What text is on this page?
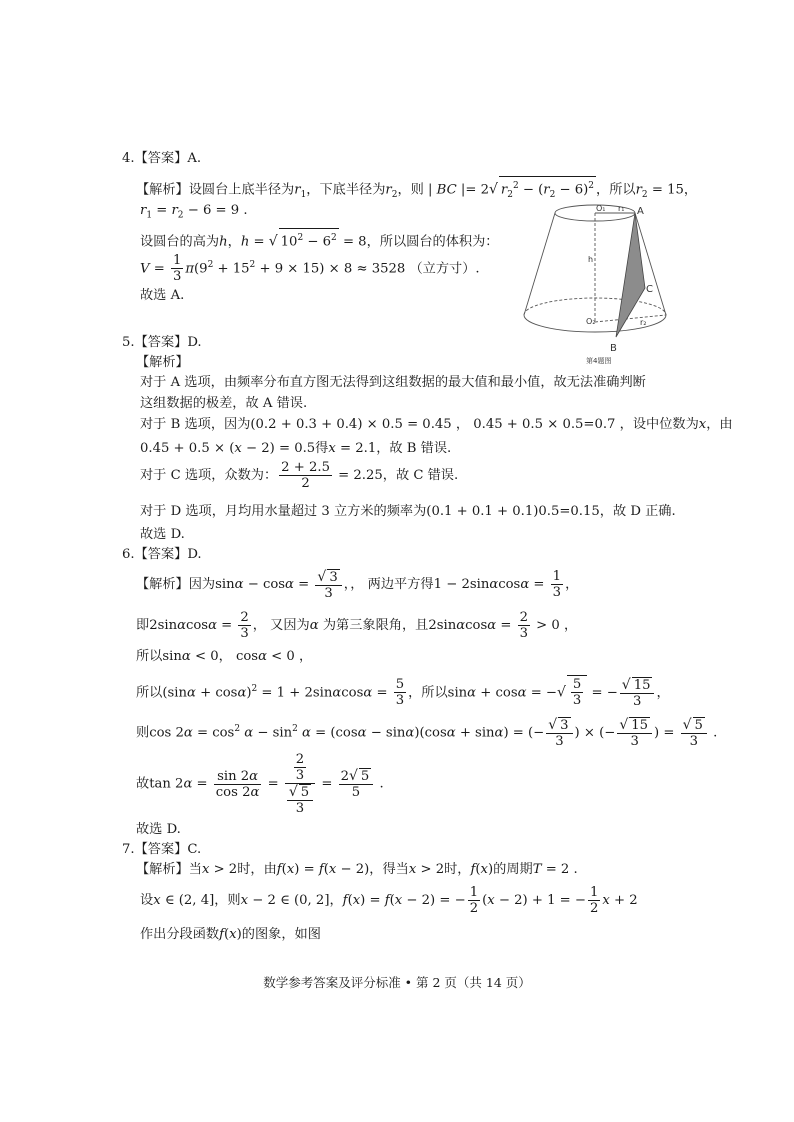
4.【答案】A.
【解析】设圆台上底半径为$r_1$，下底半径为$r_2$，则 | BC |= 2√ $r_2^2 - (r_2 - 6)^2$ ，所以$r_2 = 15$，
$r_1 = r_2 - 6 = 9$ .
设圆台的高为h，h = √ $10^2 - 6^2 = 8$，所以圆台的体积为：
$V = \frac{1}{3} \pi(9^2 + 15^2 + 9 \times 15) \times 8 \approx 3528$ （立方寸）.
故选 A.
O₁ r₁ A
h
C
O₂	r₂
B
第4题图
5.【答案】D.
【解析】
对于 A 选项，由频率分布直方图无法得到这组数据的最大值和最小值，故无法准确判断
这组数据的极差，故 A 错误.
对于 B 选项，因为(0.2 + 0.3 + 0.4) × 0.5 = 0.45 ， 0.45 + 0.5 × 0.5=0.7 ，设中位数为x，由
0.45 + 0.5 × (x − 2) = 0.5得x = 2.1，故 B 错误.
对于 C 选项，众数为： $\frac{2 + 2.5}{2} = 2.25$，故 C 错误.
对于 D 选项，月均用水量超过 3 立方米的频率为(0.1 + 0.1 + 0.1)0.5=0.15，故 D 正确.
故选 D.
6.【答案】D.
【解析】因为$\sin\alpha - \cos\alpha = \frac{√ 3}{3}$ ，， 两边平方得$1 - 2\sin\alpha\cos\alpha = \frac{1}{3}$ ，
即$2\sin\alpha\cos\alpha = \frac{2}{3}$ ， 又因为α 为第三象限角，且$2\sin\alpha\cos\alpha = \frac{2}{3} > 0$ ，
所以sinα < 0， cosα < 0 ，
所以$(\sin\alpha + \cos\alpha)^2 = 1 + 2\sin\alpha\cos\alpha = \frac{5}{3}$ ，所以sinα + cosα = −√ $\frac{5}{3}$ = − $\frac{√ 15}{3}$ ，
则$\cos 2\alpha = \cos^2 \alpha - \sin^2 \alpha = (\cos\alpha - \sin\alpha)(\cos\alpha + \sin\alpha)$ = (− $\frac{√ 3}{3}$ ) × (− $\frac{√ 15}{3}$ ) = $\frac{√ 5}{3}$ .
故$\tan 2\alpha = \frac{\sin 2\alpha}{\cos 2\alpha} = \frac{\frac{2}{3}}{\frac{√ 5}{3}} = \frac{2√ 5}{5}$ .
故选 D.
7.【答案】C.
【解析】当x > 2时，由f(x) = f(x − 2)，得当x > 2时，f(x)的周期T = 2 .
设x ∈ (2, 4]，则x − 2 ∈ (0, 2]，f(x) = f(x − 2) = − $\frac{1}{2} (x - 2) + 1$ = − $\frac{1}{2}$ x + 2
作出分段函数f(x)的图象，如图
数学参考答案及评分标准 • 第 2 页（共 14 页）
